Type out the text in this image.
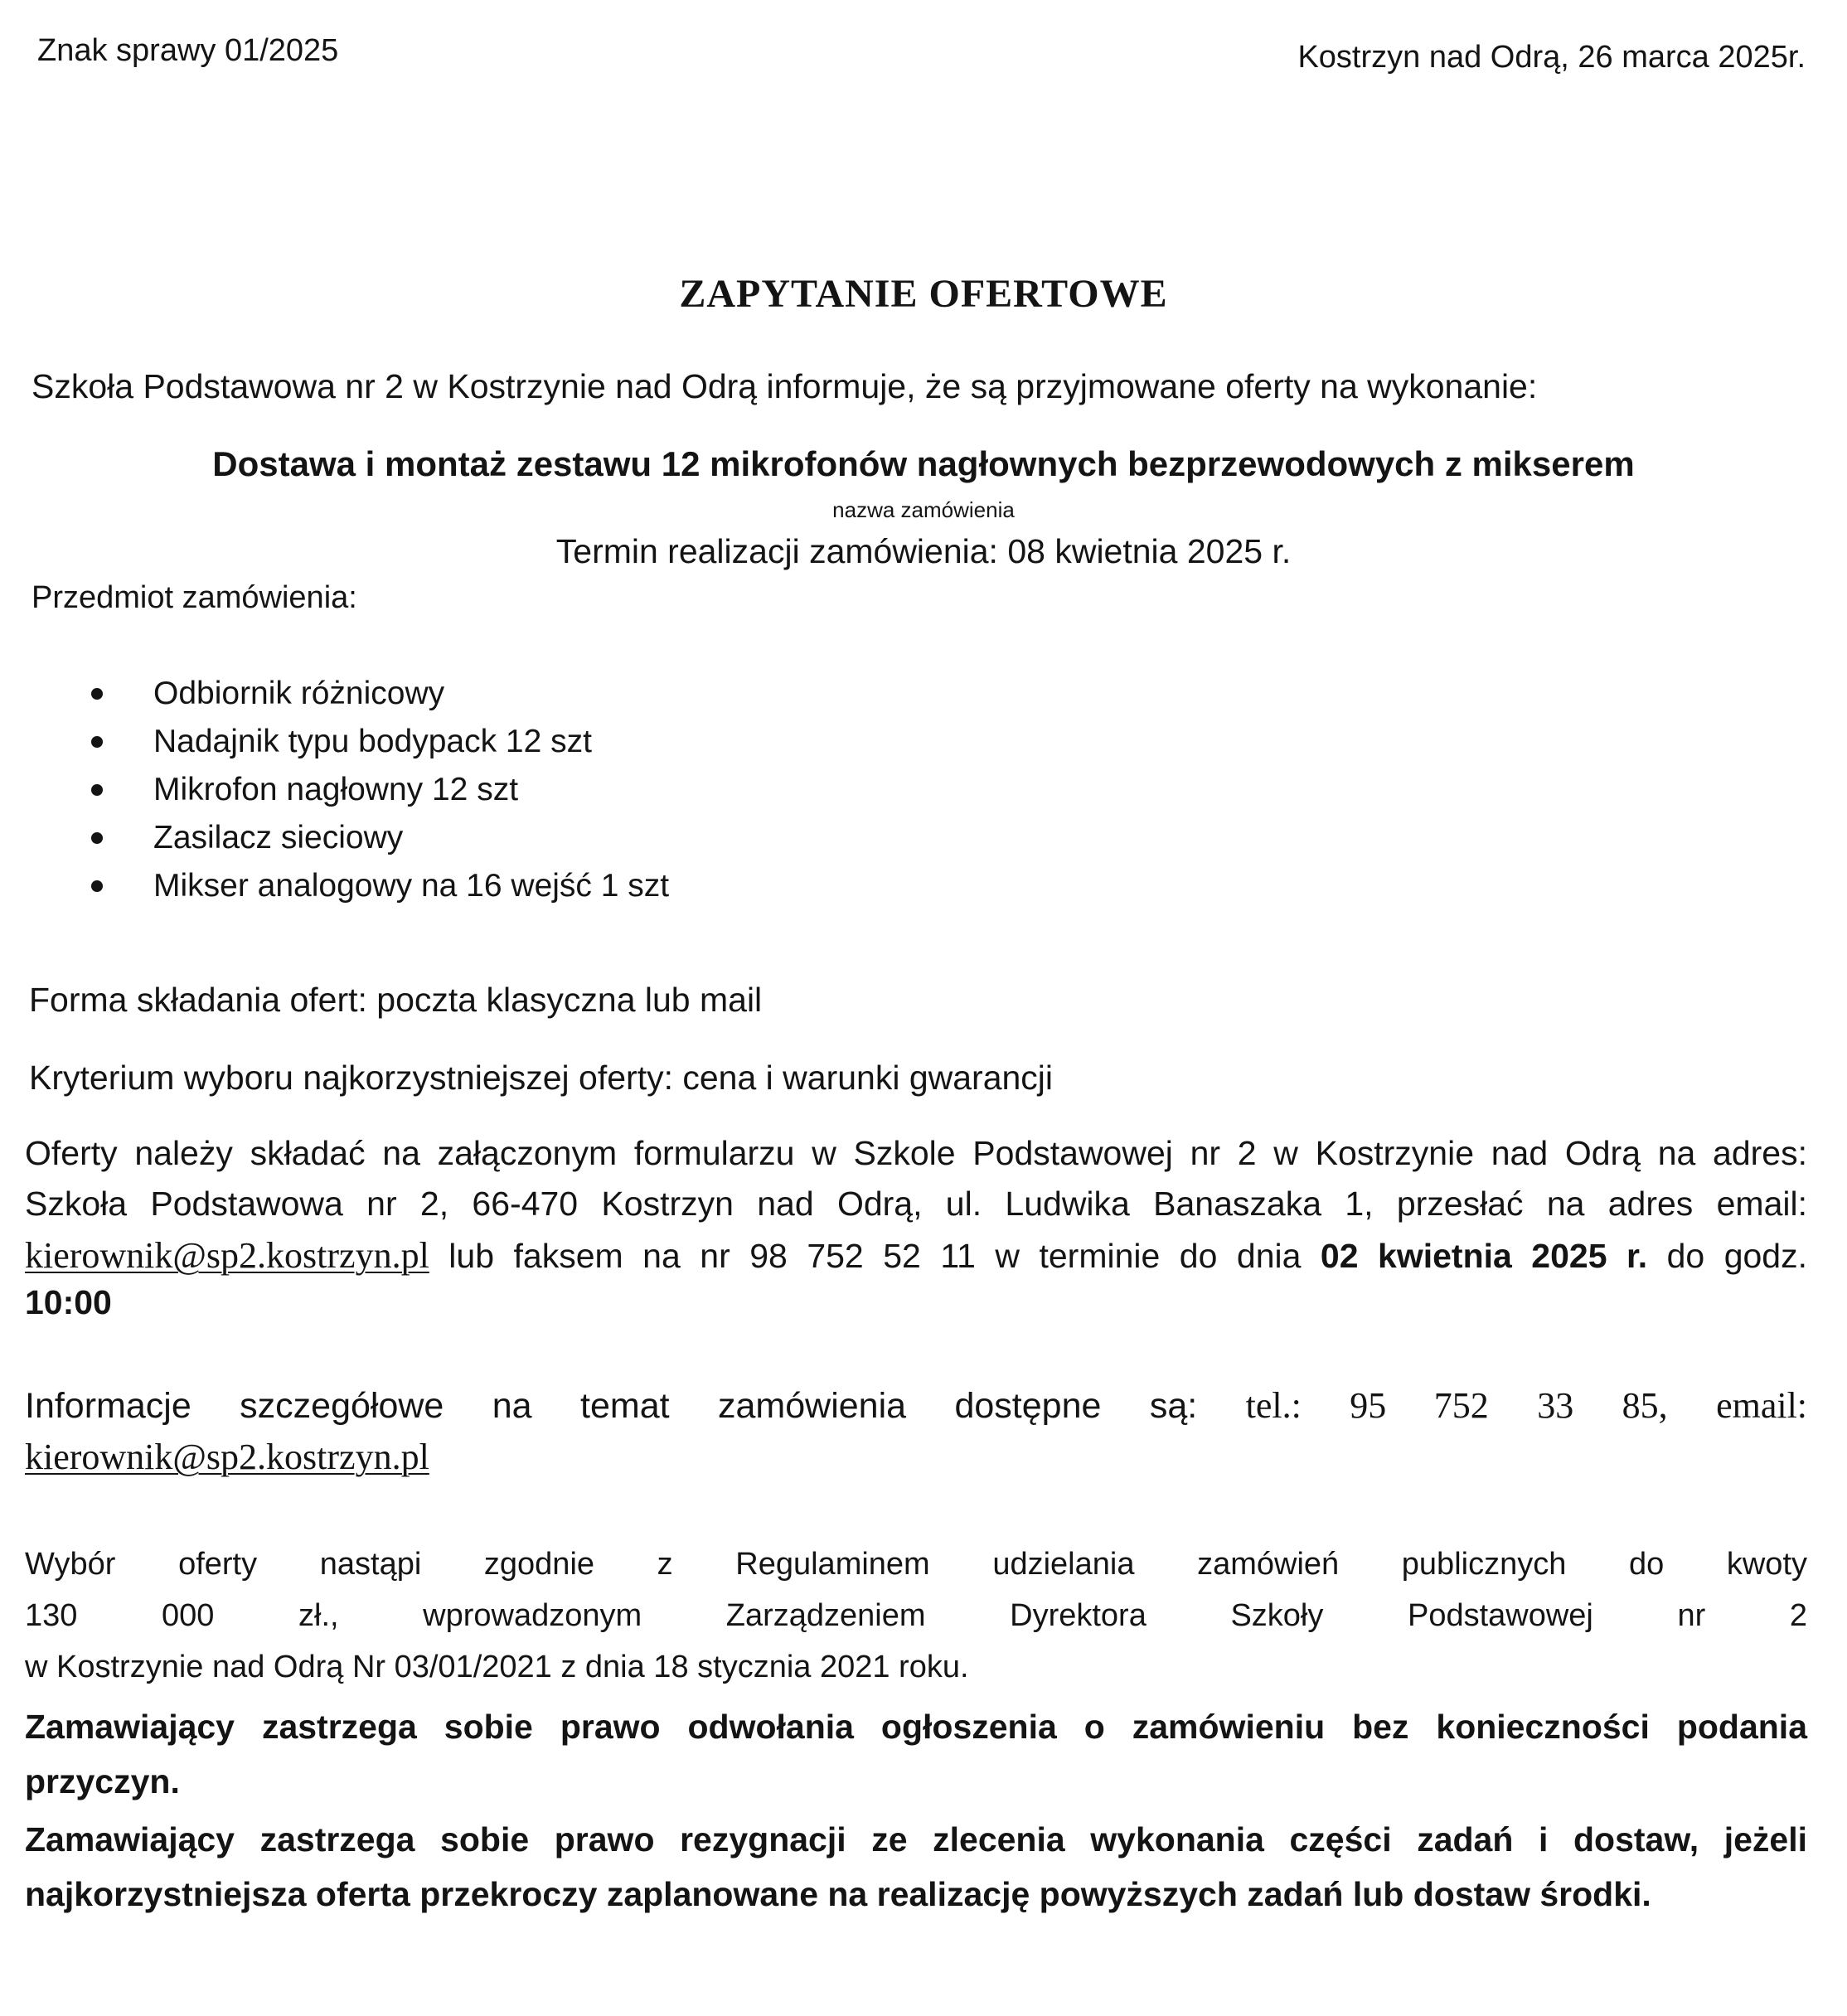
Znak sprawy 01/2025	Kostrzyn nad Odrą, 26 marca 2025r.

ZAPYTANIE OFERTOWE

Szkoła Podstawowa nr 2 w Kostrzynie nad Odrą informuje, że są przyjmowane oferty na wykonanie:

Dostawa i montaż zestawu 12 mikrofonów nagłownych bezprzewodowych z mikserem

nazwa zamówienia

Termin realizacji zamówienia: 08 kwietnia 2025 r.

Przedmiot zamówienia:

Odbiornik różnicowy
Nadajnik typu bodypack 12 szt
Mikrofon nagłowny 12 szt
Zasilacz sieciowy
Mikser analogowy na 16 wejść 1 szt

Forma składania ofert: poczta klasyczna lub mail

Kryterium wyboru najkorzystniejszej oferty: cena i warunki gwarancji

Oferty należy składać na załączonym formularzu w Szkole Podstawowej nr 2 w Kostrzynie nad Odrą na adres:

Szkoła Podstawowa nr 2, 66-470 Kostrzyn nad Odrą, ul. Ludwika Banaszaka 1, przesłać na adres email:

kierownik@sp2.kostrzyn.pl lub faksem na nr 98 752 52 11 w terminie do dnia 02 kwietnia 2025 r. do godz.

10:00

Informacje szczegółowe na temat zamówienia dostępne są: tel.: 95 752 33 85, email:

kierownik@sp2.kostrzyn.pl

Wybór oferty nastąpi zgodnie z Regulaminem udzielania zamówień publicznych do kwoty

130 000 zł., wprowadzonym Zarządzeniem Dyrektora Szkoły Podstawowej nr 2

w Kostrzynie nad Odrą Nr 03/01/2021 z dnia 18 stycznia 2021 roku.

Zamawiający zastrzega sobie prawo odwołania ogłoszenia o zamówieniu bez konieczności podania

przyczyn.

Zamawiający zastrzega sobie prawo rezygnacji ze zlecenia wykonania części zadań i dostaw, jeżeli

najkorzystniejsza oferta przekroczy zaplanowane na realizację powyższych zadań lub dostaw środki.
